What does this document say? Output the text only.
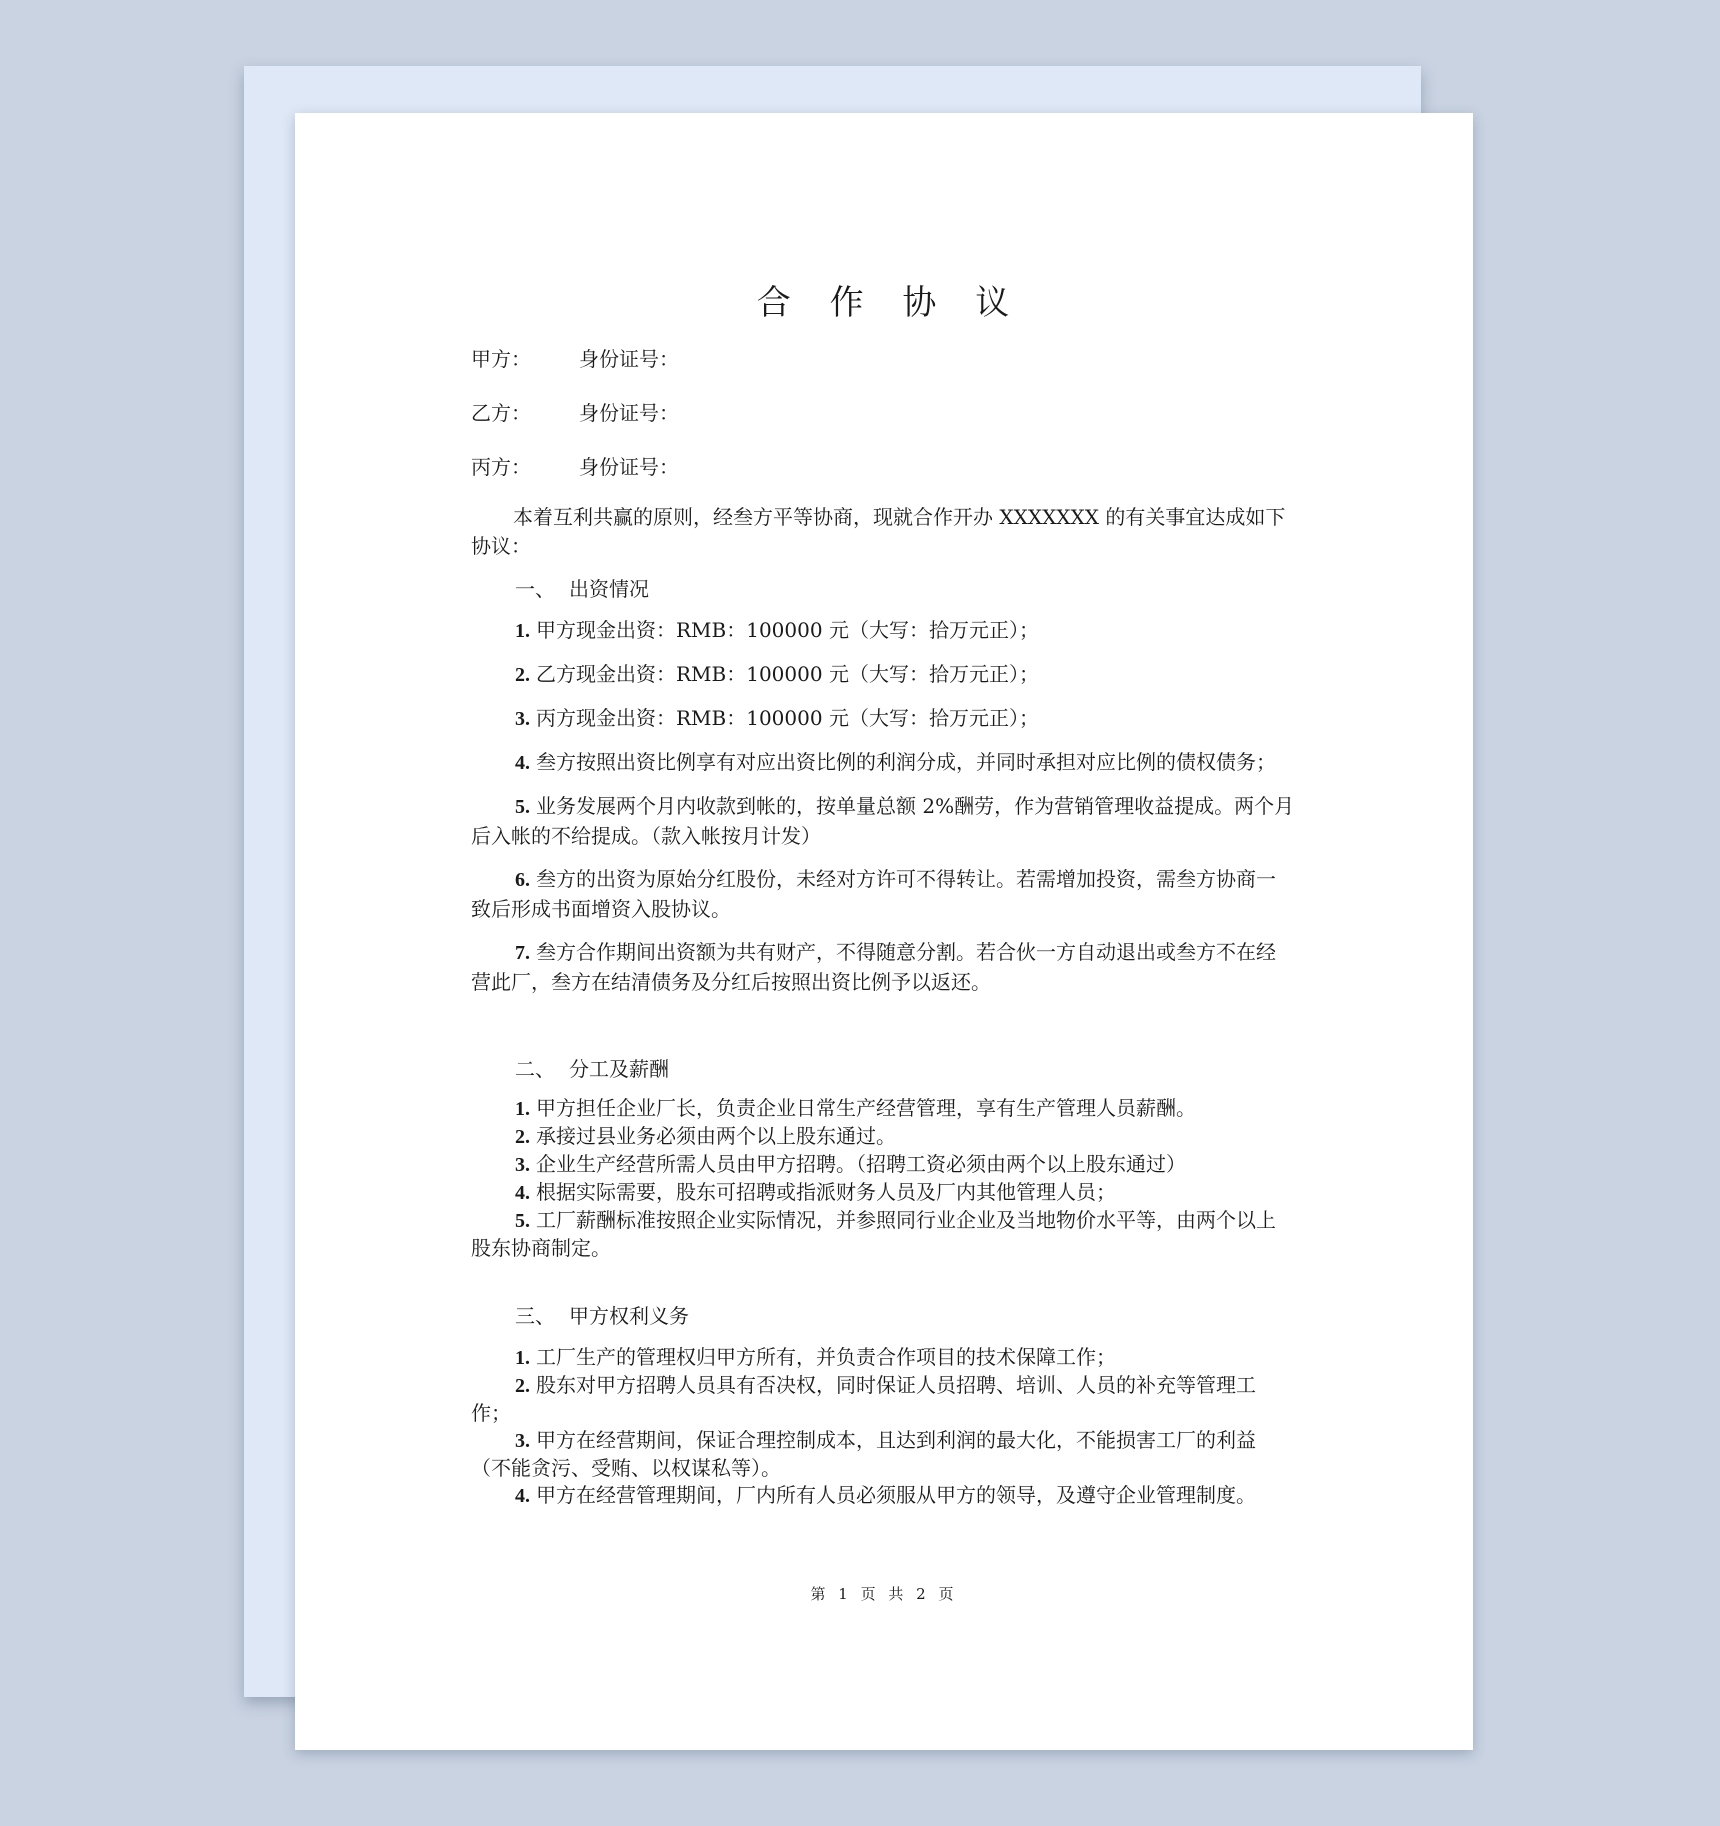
合 作 协 议
甲方： 身份证号：
乙方： 身份证号：
丙方： 身份证号：

本着互利共赢的原则，经叁方平等协商，现就合作开办 XXXXXXX 的有关事宜达成如下协议：

一、 出资情况
1. 甲方现金出资：RMB：100000 元（大写：拾万元正）；
2. 乙方现金出资：RMB：100000 元（大写：拾万元正）；
3. 丙方现金出资：RMB：100000 元（大写：拾万元正）；
4. 叁方按照出资比例享有对应出资比例的利润分成，并同时承担对应比例的债权债务；
5. 业务发展两个月内收款到帐的，按单量总额 2%酬劳，作为营销管理收益提成。两个月后入帐的不给提成。（款入帐按月计发）
6. 叁方的出资为原始分红股份，未经对方许可不得转让。若需增加投资，需叁方协商一致后形成书面增资入股协议。
7. 叁方合作期间出资额为共有财产，不得随意分割。若合伙一方自动退出或叁方不在经营此厂，叁方在结清债务及分红后按照出资比例予以返还。
二、 分工及薪酬
1. 甲方担任企业厂长，负责企业日常生产经营管理，享有生产管理人员薪酬。
2. 承接过县业务必须由两个以上股东通过。
3. 企业生产经营所需人员由甲方招聘。（招聘工资必须由两个以上股东通过）
4. 根据实际需要，股东可招聘或指派财务人员及厂内其他管理人员；
5. 工厂薪酬标准按照企业实际情况，并参照同行业企业及当地物价水平等，由两个以上股东协商制定。
三、 甲方权利义务
1. 工厂生产的管理权归甲方所有，并负责合作项目的技术保障工作；
2. 股东对甲方招聘人员具有否决权，同时保证人员招聘、培训、人员的补充等管理工作；
3. 甲方在经营期间，保证合理控制成本，且达到利润的最大化，不能损害工厂的利益（不能贪污、受贿、以权谋私等）。
4. 甲方在经营管理期间，厂内所有人员必须服从甲方的领导，及遵守企业管理制度。
第 1 页 共 2 页
